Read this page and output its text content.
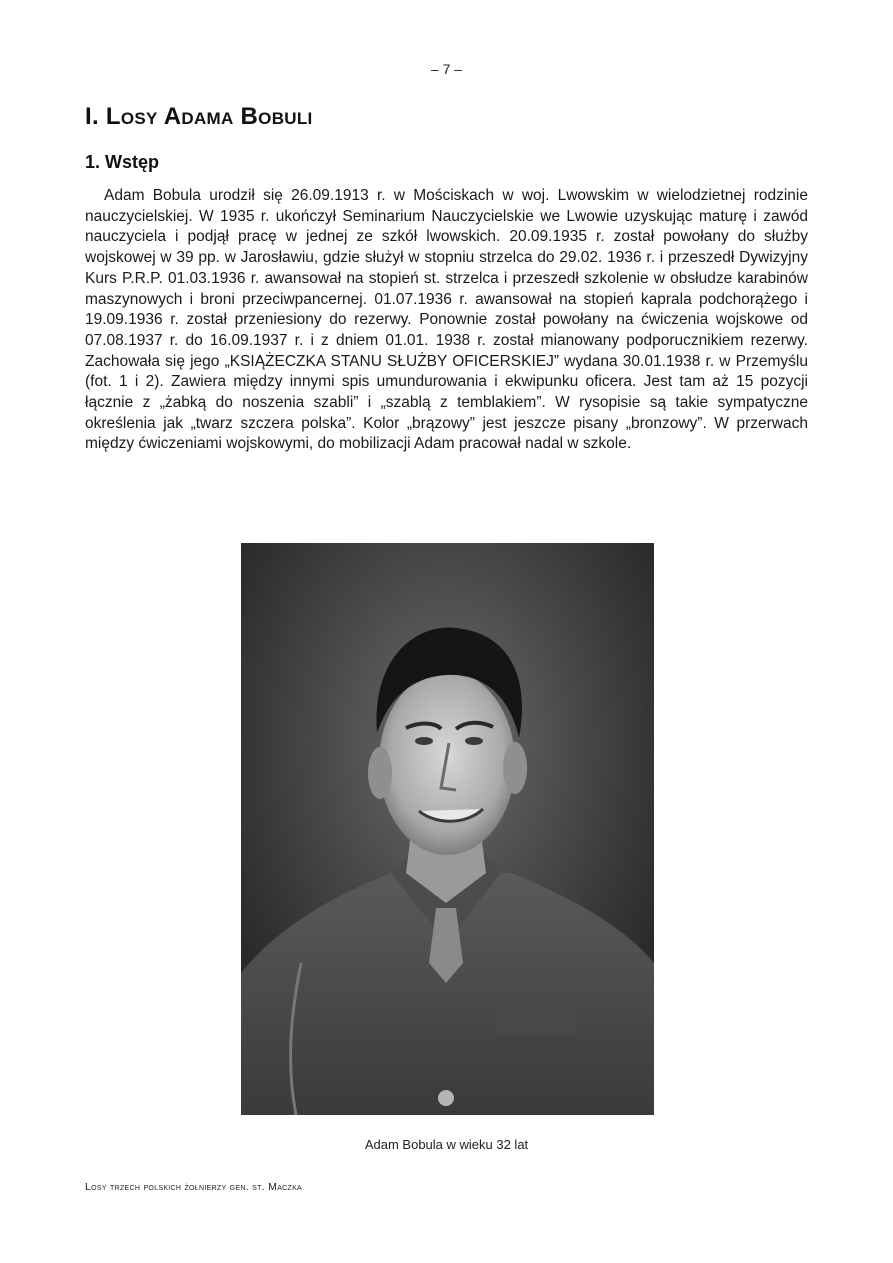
– 7 –
I. Losy Adama Bobuli
1. Wstęp

Adam Bobula urodził się 26.09.1913 r. w Mościskach w woj. Lwowskim w wielodzietnej rodzinie nauczycielskiej. W 1935 r. ukończył Seminarium Nauczycielskie we Lwowie uzyskując maturę i zawód nauczyciela i podjął pracę w jednej ze szkół lwowskich. 20.09.1935 r. został powołany do służby wojskowej w 39 pp. w Jarosławiu, gdzie służył w stopniu strzelca do 29.02. 1936 r. i przeszedł Dywizyjny Kurs P.R.P. 01.03.1936 r. awansował na stopień st. strzelca i przeszedł szkolenie w obsłudze karabinów maszynowych i broni przeciwpancernej. 01.07.1936 r. awansował na stopień kaprala podchorążego i 19.09.1936 r. został przeniesiony do rezerwy. Ponownie został powołany na ćwiczenia wojskowe od 07.08.1937 r. do 16.09.1937 r. i z dniem 01.01. 1938 r. został mianowany podporucznikiem rezerwy. Zachowała się jego „KSIĄŻECZKA STANU SŁUŻBY OFICERSKIEJ” wydana 30.01.1938 r. w Przemyślu (fot. 1 i 2). Zawiera między innymi spis umundurowania i ekwipunku oficera. Jest tam aż 15 pozycji łącznie z „żabką do noszenia szabli” i „szablą z temblakiem”. W rysopisie są takie sympatyczne określenia jak „twarz szczera polska”. Kolor „brązowy” jest jeszcze pisany „bronzowy”. W przerwach między ćwiczeniami wojskowymi, do mobilizacji Adam pracował nadal w szkole.

Adam Bobula w wieku 32 lat
Losy trzech polskich żołnierzy gen. st. Maczka
